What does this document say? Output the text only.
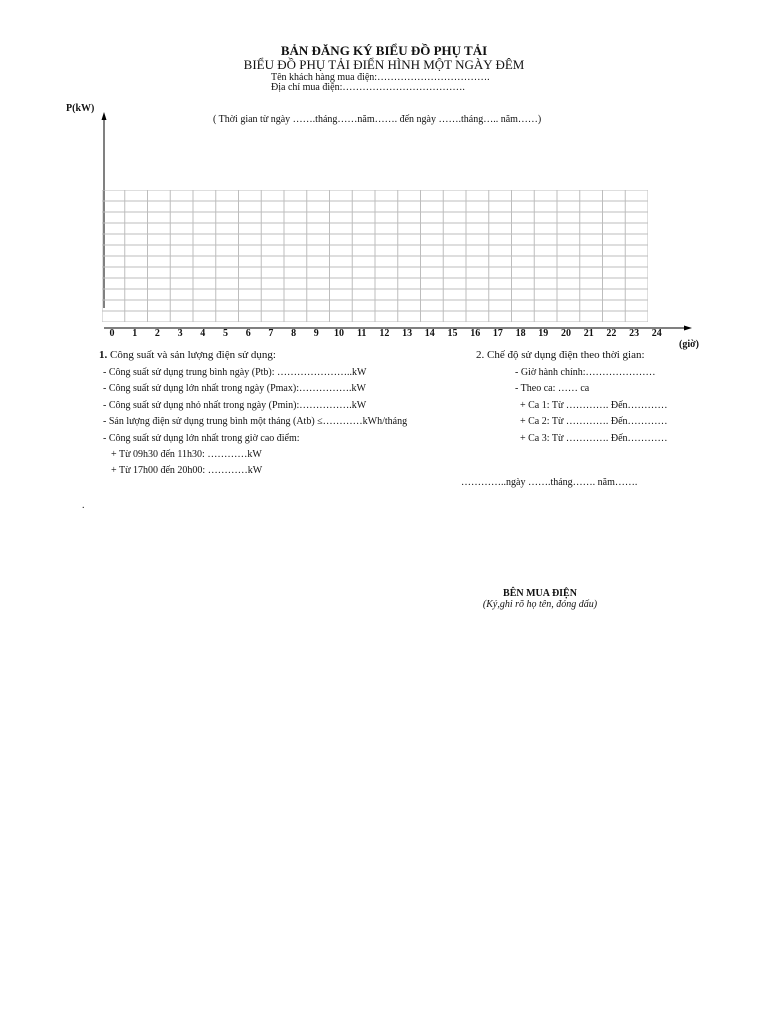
BẢN ĐĂNG KÝ BIỂU ĐỒ PHỤ TẢI
BIỂU ĐỒ PHỤ TẢI ĐIỂN HÌNH MỘT NGÀY ĐÊM
Tên khách hàng mua điện:…………………………….
Địa chỉ mua điện:……………………………….
P(kW)
( Thời gian từ ngày …….tháng……năm……. đến ngày …….tháng….. năm……)
0	1	2	3	4	5	6	7	8	9	10	11	12	13	14	15	16	17	18	19	20	21	22	23	24
(giờ)
1. Công suất và sản lượng điện sử dụng:
- Công suất sử dụng trung bình ngày (Ptb): …………………..kW
- Công suất sử dụng lớn nhất trong ngày (Pmax):…………….kW
- Công suất sử dụng nhỏ nhất trong ngày (Pmin):…………….kW
- Sản lượng điện sử dụng trung bình một tháng (Atb) ≤…………kWh/tháng
- Công suất sử dụng lớn nhất trong giờ cao điểm:
+ Từ 09h30 đến 11h30: …………kW
+ Từ 17h00 đến 20h00: …………kW
2. Chế độ sử dụng điện theo thời gian:
- Giờ hành chính:…………………
- Theo ca: …… ca
+ Ca 1: Từ …………. Đến…………
+ Ca 2: Từ …………. Đến…………
+ Ca 3: Từ …………. Đến…………
…………..ngày …….tháng……. năm…….
.
BÊN MUA ĐIỆN
(Ký,ghi rõ họ tên, đóng dấu)
